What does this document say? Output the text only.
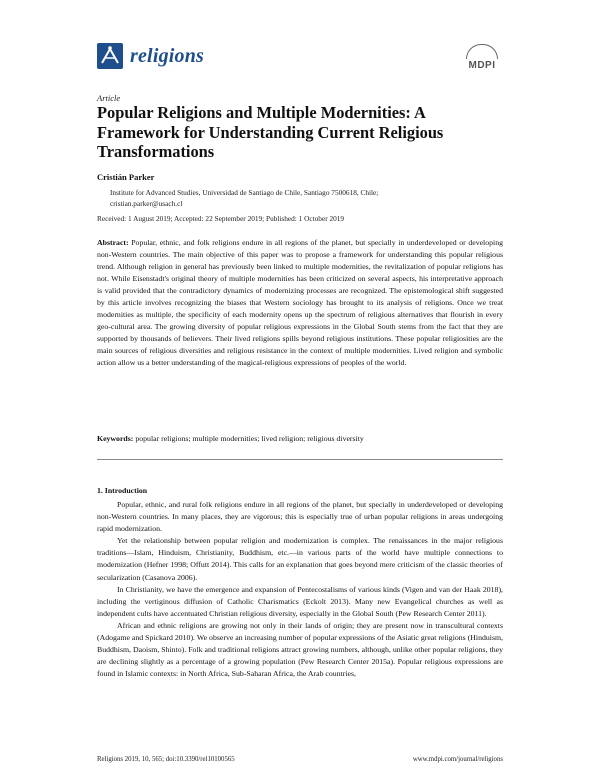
religions	MDPI
Article
Popular Religions and Multiple Modernities: A Framework for Understanding Current Religious Transformations
Cristián Parker
Institute for Advanced Studies, Universidad de Santiago de Chile, Santiago 7500618, Chile;
cristian.parker@usach.cl
Received: 1 August 2019; Accepted: 22 September 2019; Published: 1 October 2019
Abstract: Popular, ethnic, and folk religions endure in all regions of the planet, but specially in underdeveloped or developing non-Western countries. The main objective of this paper was to propose a framework for understanding this popular religious trend. Although religion in general has previously been linked to multiple modernities, the revitalization of popular religions has not. While Eisenstadt's original theory of multiple modernities has been criticized on several aspects, his interpretative approach is valid provided that the contradictory dynamics of modernizing processes are recognized. The epistemological shift suggested by this article involves recognizing the biases that Western sociology has brought to its analysis of religions. Once we treat modernities as multiple, the specificity of each modernity opens up the spectrum of religious alternatives that flourish in every geo-cultural area. The growing diversity of popular religious expressions in the Global South stems from the fact that they are supported by thousands of believers. Their lived religions spills beyond religious institutions. These popular religiosities are the main sources of religious diversities and religious resistance in the context of multiple modernities. Lived religion and symbolic action allow us a better understanding of the magical-religious expressions of peoples of the world.
Keywords: popular religions; multiple modernities; lived religion; religious diversity
1. Introduction

Popular, ethnic, and rural folk religions endure in all regions of the planet, but specially in underdeveloped or developing non-Western countries. In many places, they are vigorous; this is especially true of urban popular religions in areas undergoing rapid modernization.

Yet the relationship between popular religion and modernization is complex. The renaissances in the major religious traditions—Islam, Hinduism, Christianity, Buddhism, etc.—in various parts of the world have multiple connections to modernization (Hefner 1998; Offutt 2014). This calls for an explanation that goes beyond mere criticism of the classic theories of secularization (Casanova 2006).

In Christianity, we have the emergence and expansion of Pentecostalisms of various kinds (Vigen and van der Haak 2018), including the vertiginous diffusion of Catholic Charismatics (Eckolt 2013). Many new Evangelical churches as well as independent cults have accentuated Christian religious diversity, especially in the Global South (Pew Research Center 2011).

African and ethnic religions are growing not only in their lands of origin; they are present now in transcultural contexts (Adogame and Spickard 2010). We observe an increasing number of popular expressions of the Asiatic great religions (Hinduism, Buddhism, Daoism, Shinto). Folk and traditional religions attract growing numbers, although, unlike other popular religions, they are declining slightly as a percentage of a growing population (Pew Research Center 2015a). Popular religious expressions are found in Islamic contexts: in North Africa, Sub-Saharan Africa, the Arab countries,

Religions 2019, 10, 565; doi:10.3390/rel10100565	www.mdpi.com/journal/religions
